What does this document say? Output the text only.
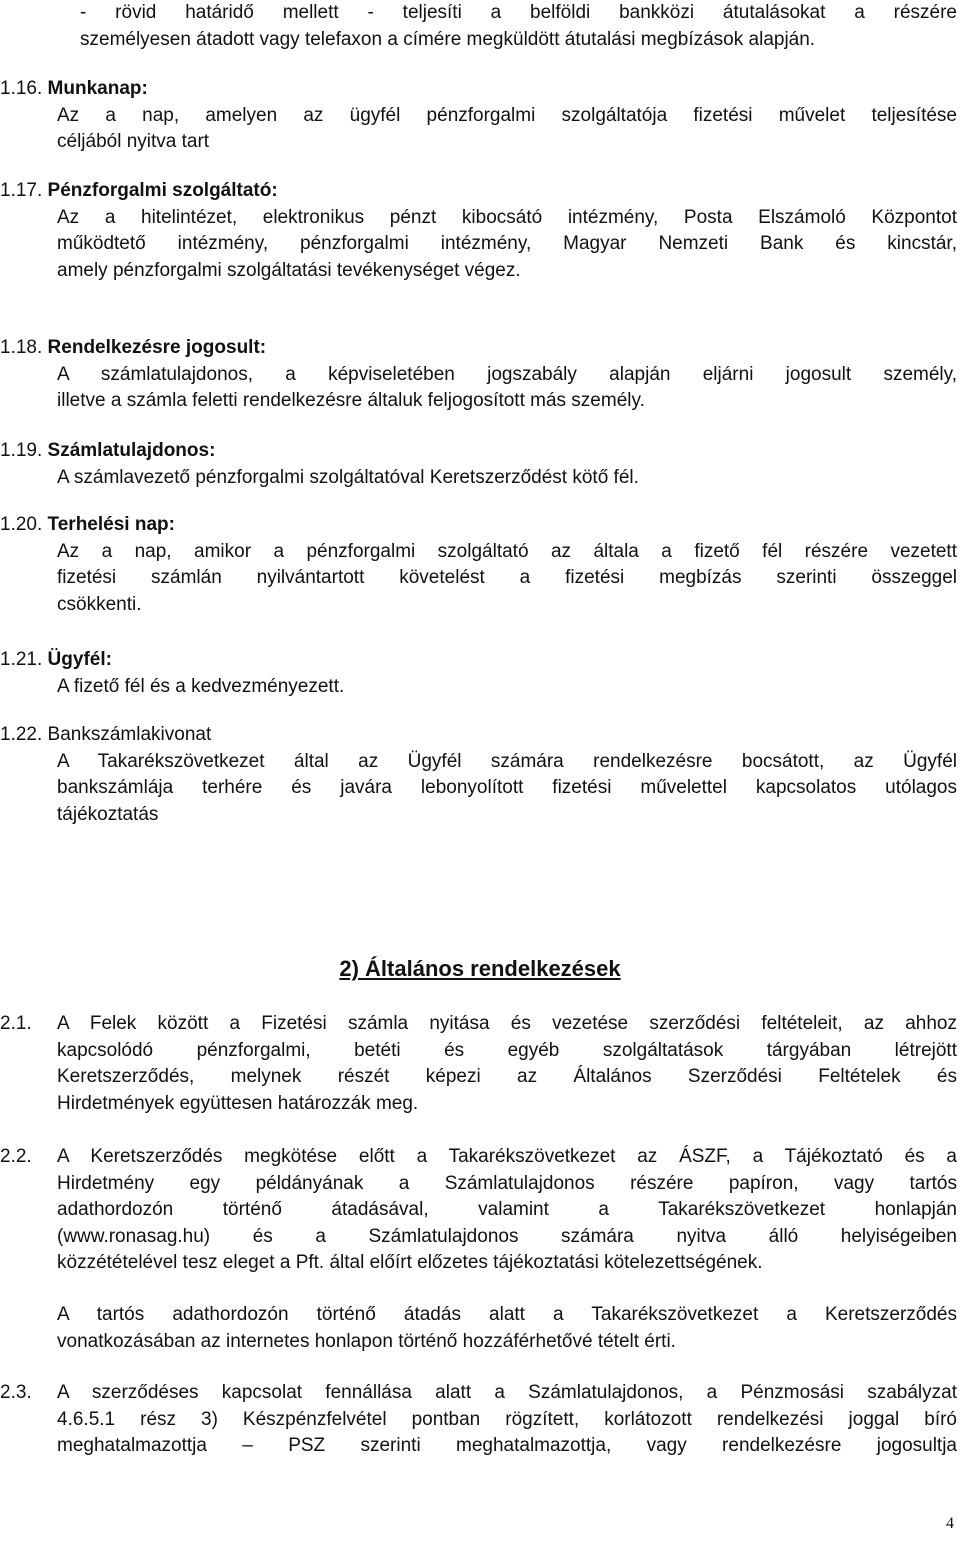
- rövid határidő mellett - teljesíti a belföldi bankközi átutalásokat a részére

személyesen átadott vagy telefaxon a címére megküldött átutalási megbízások alapján.

1.16. Munkanap:

Az a nap, amelyen az ügyfél pénzforgalmi szolgáltatója fizetési művelet teljesítése

céljából nyitva tart

1.17. Pénzforgalmi szolgáltató:

Az a hitelintézet, elektronikus pénzt kibocsátó intézmény, Posta Elszámoló Központot

működtető intézmény, pénzforgalmi intézmény, Magyar Nemzeti Bank és kincstár,

amely pénzforgalmi szolgáltatási tevékenységet végez.

1.18. Rendelkezésre jogosult:

A számlatulajdonos, a képviseletében jogszabály alapján eljárni jogosult személy,

illetve a számla feletti rendelkezésre általuk feljogosított más személy.

1.19. Számlatulajdonos:

A számlavezető pénzforgalmi szolgáltatóval Keretszerződést kötő fél.

1.20. Terhelési nap:

Az a nap, amikor a pénzforgalmi szolgáltató az általa a fizető fél részére vezetett

fizetési számlán nyilvántartott követelést a fizetési megbízás szerinti összeggel

csökkenti.

1.21. Ügyfél:

A fizető fél és a kedvezményezett.

1.22. Bankszámlakivonat

A Takarékszövetkezet által az Ügyfél számára rendelkezésre bocsátott, az Ügyfél

bankszámlája terhére és javára lebonyolított fizetési művelettel kapcsolatos utólagos

tájékoztatás

2) Általános rendelkezések
2.1.	A Felek között a Fizetési számla nyitása és vezetése szerződési feltételeit, az ahhoz

kapcsolódó pénzforgalmi, betéti és egyéb szolgáltatások tárgyában létrejött

Keretszerződés, melynek részét képezi az Általános Szerződési Feltételek és

Hirdetmények együttesen határozzák meg.

2.2.	A Keretszerződés megkötése előtt a Takarékszövetkezet az ÁSZF, a Tájékoztató és a

Hirdetmény egy példányának a Számlatulajdonos részére papíron, vagy tartós

adathordozón történő átadásával, valamint a Takarékszövetkezet honlapján

(www.ronasag.hu) és a Számlatulajdonos számára nyitva álló helyiségeiben

közzétételével tesz eleget a Pft. által előírt előzetes tájékoztatási kötelezettségének.

A tartós adathordozón történő átadás alatt a Takarékszövetkezet a Keretszerződés

vonatkozásában az internetes honlapon történő hozzáférhetővé tételt érti.

2.3.	A szerződéses kapcsolat fennállása alatt a Számlatulajdonos, a Pénzmosási szabályzat

4.6.5.1 rész 3) Készpénzfelvétel pontban rögzített, korlátozott rendelkezési joggal bíró

meghatalmazottja – PSZ szerinti meghatalmazottja, vagy rendelkezésre jogosultja

4
